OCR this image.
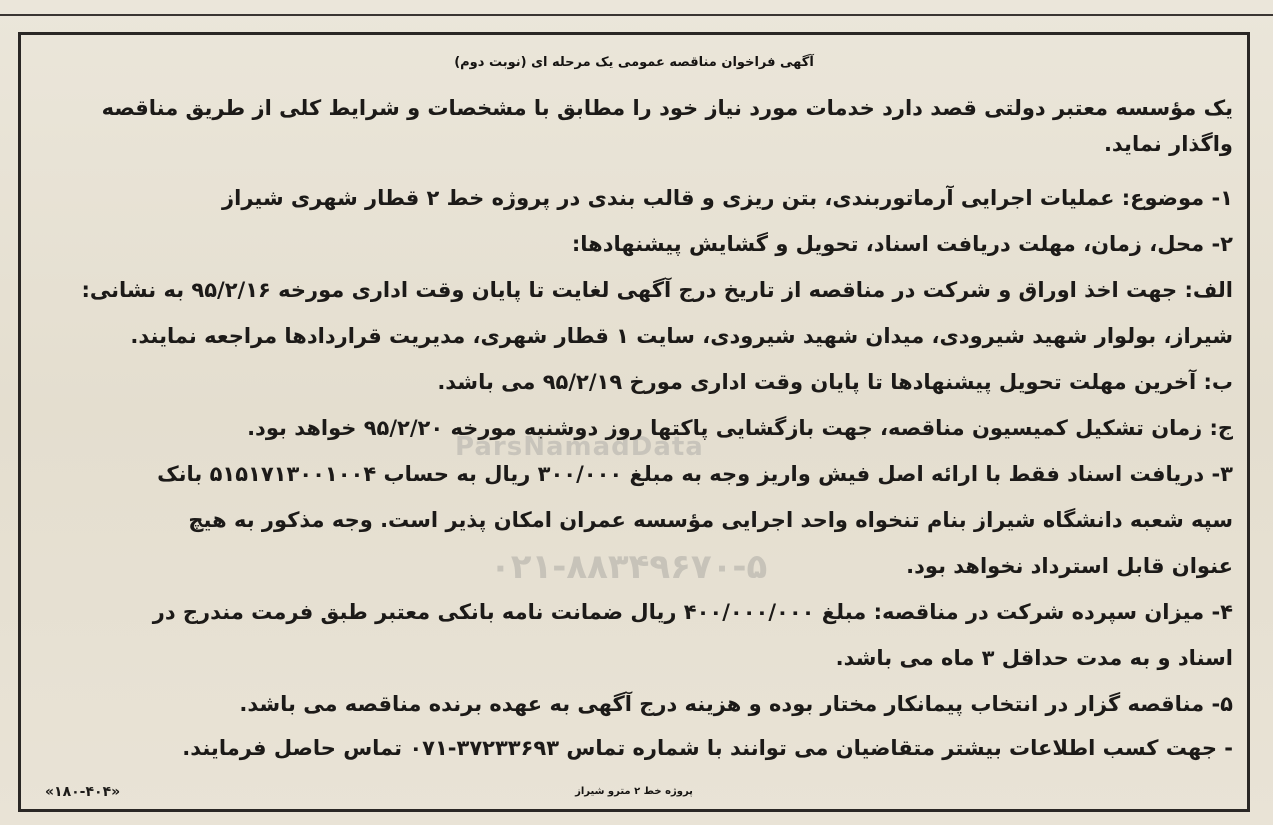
ParsNamadData
۰۲۱-۸۸۳۴۹۶۷۰-۵
آگهی فراخوان مناقصه عمومی یک مرحله ای (نوبت دوم)
یک مؤسسه معتبر دولتی قصد دارد خدمات مورد نیاز خود را مطابق با مشخصات و شرایط کلی از طریق مناقصه
واگذار نماید.
۱- موضوع: عملیات اجرایی آرماتوربندی، بتن ریزی و قالب بندی در پروژه خط ۲ قطار شهری شیراز
۲- محل، زمان، مهلت دریافت اسناد، تحویل و گشایش پیشنهادها:
الف: جهت اخذ اوراق و شرکت در مناقصه از تاریخ درج آگهی لغایت تا پایان وقت اداری مورخه ۹۵/۲/۱۶ به نشانی:
شیراز، بولوار شهید شیرودی، میدان شهید شیرودی، سایت ۱ قطار شهری، مدیریت قراردادها مراجعه نمایند.
ب: آخرین مهلت تحویل پیشنهادها تا پایان وقت اداری مورخ ۹۵/۲/۱۹ می باشد.
ج: زمان تشکیل کمیسیون مناقصه، جهت بازگشایی پاکتها روز دوشنبه مورخه ۹۵/۲/۲۰ خواهد بود.
۳- دریافت اسناد فقط با ارائه اصل فیش واریز وجه به مبلغ ۳۰۰/۰۰۰ ریال به حساب ۵۱۵۱۷۱۳۰۰۱۰۰۴ بانک
سپه شعبه دانشگاه شیراز بنام تنخواه واحد اجرایی مؤسسه عمران امکان پذیر است. وجه مذکور به هیچ
عنوان قابل استرداد نخواهد بود.
۴- میزان سپرده شرکت در مناقصه: مبلغ ۴۰۰/۰۰۰/۰۰۰ ریال ضمانت نامه بانکی معتبر طبق فرمت مندرج در
اسناد و به مدت حداقل ۳ ماه می باشد.
۵- مناقصه گزار در انتخاب پیمانکار مختار بوده و هزینه درج آگهی به عهده برنده مناقصه می باشد.
- جهت کسب اطلاعات بیشتر متقاضیان می توانند با شماره تماس ۳۷۲۳۳۶۹۳-۰۷۱ تماس حاصل فرمایند.
پروژه خط ۲ مترو شیراز
«۱۸۰-۴۰۴»
